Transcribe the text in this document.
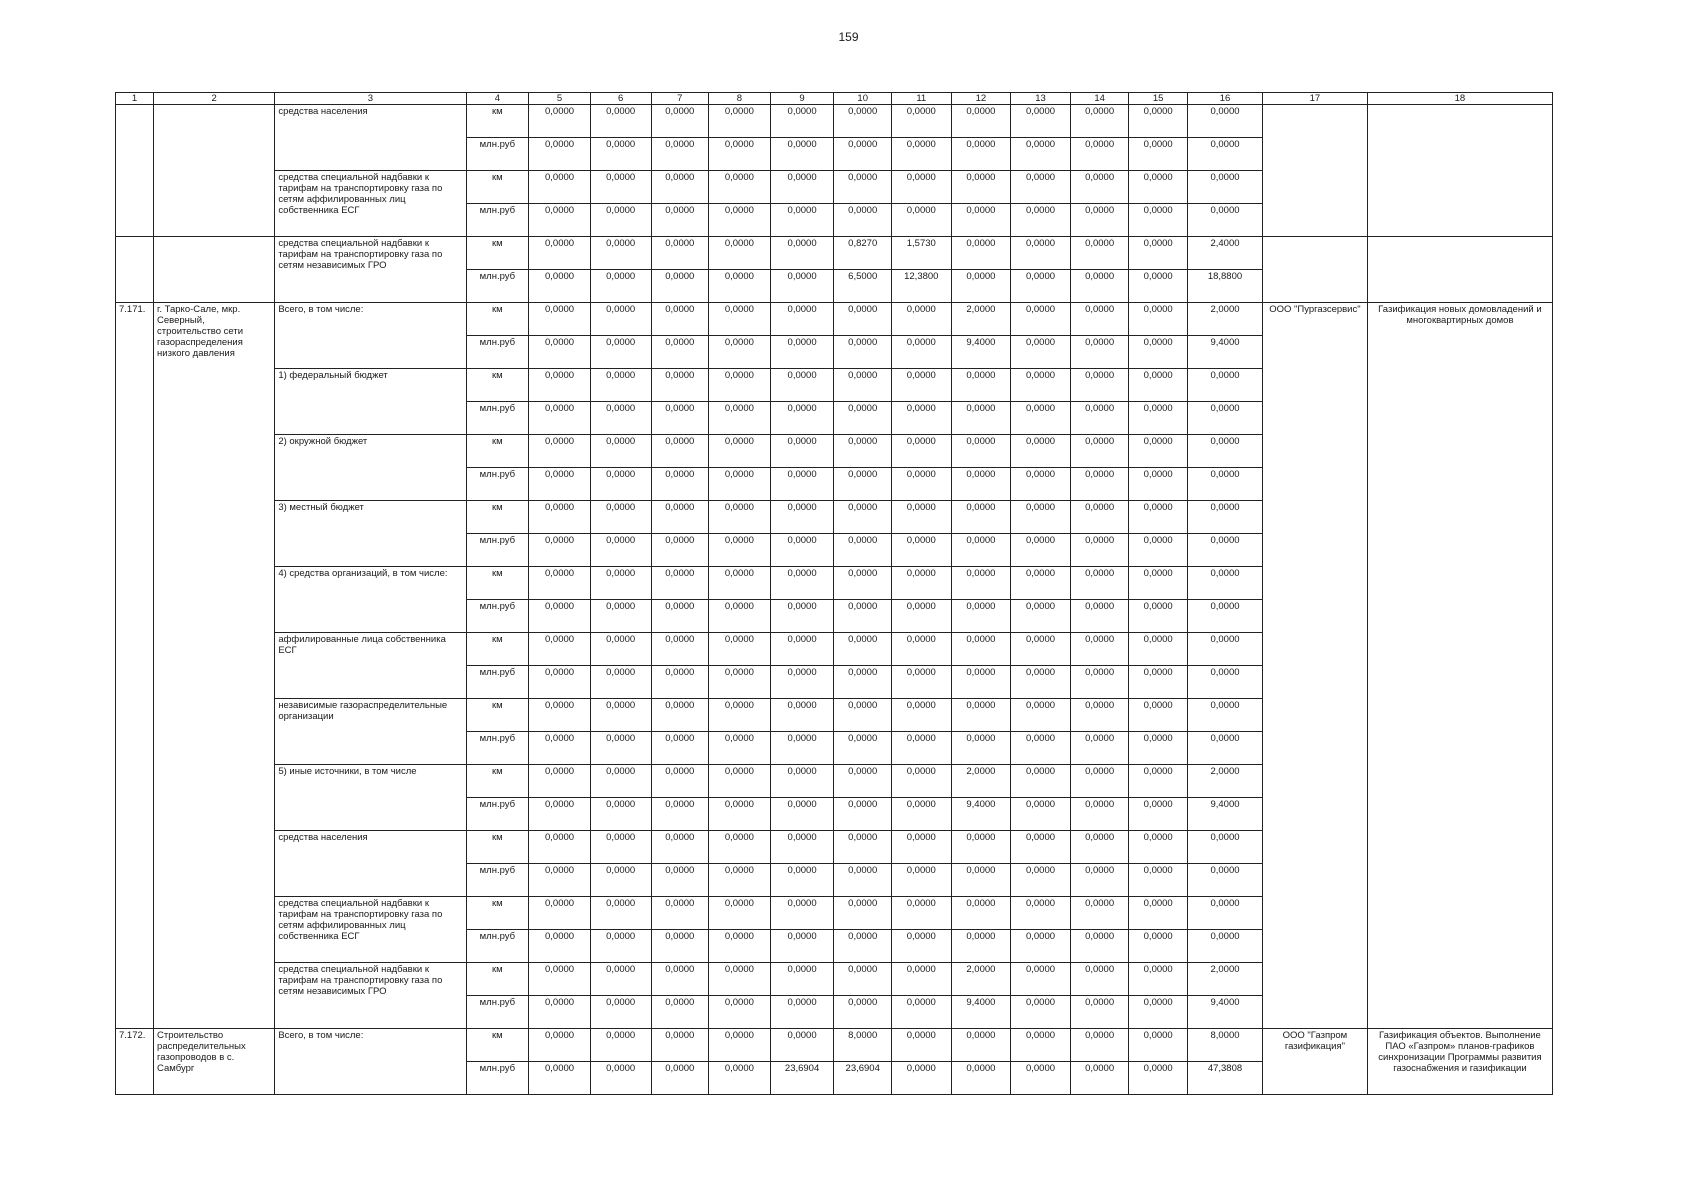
159
1	2	3	4	5	6	7	8	9	10	11	12	13	14	15	16	17	18
		средства населения	км	0,0000	0,0000	0,0000	0,0000	0,0000	0,0000	0,0000	0,0000	0,0000	0,0000	0,0000	0,0000		
			млн.руб	0,0000	0,0000	0,0000	0,0000	0,0000	0,0000	0,0000	0,0000	0,0000	0,0000	0,0000	0,0000		
		средства специальной надбавки к тарифам на транспортировку газа по сетям аффилированных лиц собственника ЕСГ	км	0,0000	0,0000	0,0000	0,0000	0,0000	0,0000	0,0000	0,0000	0,0000	0,0000	0,0000	0,0000		
			млн.руб	0,0000	0,0000	0,0000	0,0000	0,0000	0,0000	0,0000	0,0000	0,0000	0,0000	0,0000	0,0000		
		средства специальной надбавки к тарифам на транспортировку газа по сетям независимых ГРО	км	0,0000	0,0000	0,0000	0,0000	0,0000	0,8270	1,5730	0,0000	0,0000	0,0000	0,0000	2,4000		
			млн.руб	0,0000	0,0000	0,0000	0,0000	0,0000	6,5000	12,3800	0,0000	0,0000	0,0000	0,0000	18,8800		
7.171.	г. Тарко-Сале, мкр. Северный, строительство сети газораспределения низкого давления	Всего, в том числе:	км	0,0000	0,0000	0,0000	0,0000	0,0000	0,0000	0,0000	2,0000	0,0000	0,0000	0,0000	2,0000	ООО "Пургазсервис"	Газификация новых домовладений и многоквартирных домов
			млн.руб	0,0000	0,0000	0,0000	0,0000	0,0000	0,0000	0,0000	9,4000	0,0000	0,0000	0,0000	9,4000		
		1) федеральный бюджет	км	0,0000	0,0000	0,0000	0,0000	0,0000	0,0000	0,0000	0,0000	0,0000	0,0000	0,0000	0,0000		
			млн.руб	0,0000	0,0000	0,0000	0,0000	0,0000	0,0000	0,0000	0,0000	0,0000	0,0000	0,0000	0,0000		
		2) окружной бюджет	км	0,0000	0,0000	0,0000	0,0000	0,0000	0,0000	0,0000	0,0000	0,0000	0,0000	0,0000	0,0000		
			млн.руб	0,0000	0,0000	0,0000	0,0000	0,0000	0,0000	0,0000	0,0000	0,0000	0,0000	0,0000	0,0000		
		3) местный бюджет	км	0,0000	0,0000	0,0000	0,0000	0,0000	0,0000	0,0000	0,0000	0,0000	0,0000	0,0000	0,0000		
			млн.руб	0,0000	0,0000	0,0000	0,0000	0,0000	0,0000	0,0000	0,0000	0,0000	0,0000	0,0000	0,0000		
		4) средства организаций, в том числе:	км	0,0000	0,0000	0,0000	0,0000	0,0000	0,0000	0,0000	0,0000	0,0000	0,0000	0,0000	0,0000		
			млн.руб	0,0000	0,0000	0,0000	0,0000	0,0000	0,0000	0,0000	0,0000	0,0000	0,0000	0,0000	0,0000		
		аффилированные лица собственника ЕСГ	км	0,0000	0,0000	0,0000	0,0000	0,0000	0,0000	0,0000	0,0000	0,0000	0,0000	0,0000	0,0000		
			млн.руб	0,0000	0,0000	0,0000	0,0000	0,0000	0,0000	0,0000	0,0000	0,0000	0,0000	0,0000	0,0000		
		независимые газораспределительные организации	км	0,0000	0,0000	0,0000	0,0000	0,0000	0,0000	0,0000	0,0000	0,0000	0,0000	0,0000	0,0000		
			млн.руб	0,0000	0,0000	0,0000	0,0000	0,0000	0,0000	0,0000	0,0000	0,0000	0,0000	0,0000	0,0000		
		5) иные источники, в том числе	км	0,0000	0,0000	0,0000	0,0000	0,0000	0,0000	0,0000	2,0000	0,0000	0,0000	0,0000	2,0000		
			млн.руб	0,0000	0,0000	0,0000	0,0000	0,0000	0,0000	0,0000	9,4000	0,0000	0,0000	0,0000	9,4000		
		средства населения	км	0,0000	0,0000	0,0000	0,0000	0,0000	0,0000	0,0000	0,0000	0,0000	0,0000	0,0000	0,0000		
			млн.руб	0,0000	0,0000	0,0000	0,0000	0,0000	0,0000	0,0000	0,0000	0,0000	0,0000	0,0000	0,0000		
		средства специальной надбавки к тарифам на транспортировку газа по сетям аффилированных лиц собственника ЕСГ	км	0,0000	0,0000	0,0000	0,0000	0,0000	0,0000	0,0000	0,0000	0,0000	0,0000	0,0000	0,0000		
			млн.руб	0,0000	0,0000	0,0000	0,0000	0,0000	0,0000	0,0000	0,0000	0,0000	0,0000	0,0000	0,0000		
		средства специальной надбавки к тарифам на транспортировку газа по сетям независимых ГРО	км	0,0000	0,0000	0,0000	0,0000	0,0000	0,0000	0,0000	2,0000	0,0000	0,0000	0,0000	2,0000		
			млн.руб	0,0000	0,0000	0,0000	0,0000	0,0000	0,0000	0,0000	9,4000	0,0000	0,0000	0,0000	9,4000		
7.172.	Строительство распределительных газопроводов в с. Самбург	Всего, в том числе:	км	0,0000	0,0000	0,0000	0,0000	0,0000	8,0000	0,0000	0,0000	0,0000	0,0000	0,0000	8,0000	ООО "Газпром газификация"	Газификация объектов. Выполнение ПАО «Газпром» планов-графиков синхронизации Программы развития газоснабжения и газификации
			млн.руб	0,0000	0,0000	0,0000	0,0000	23,6904	23,6904	0,0000	0,0000	0,0000	0,0000	0,0000	47,3808		
